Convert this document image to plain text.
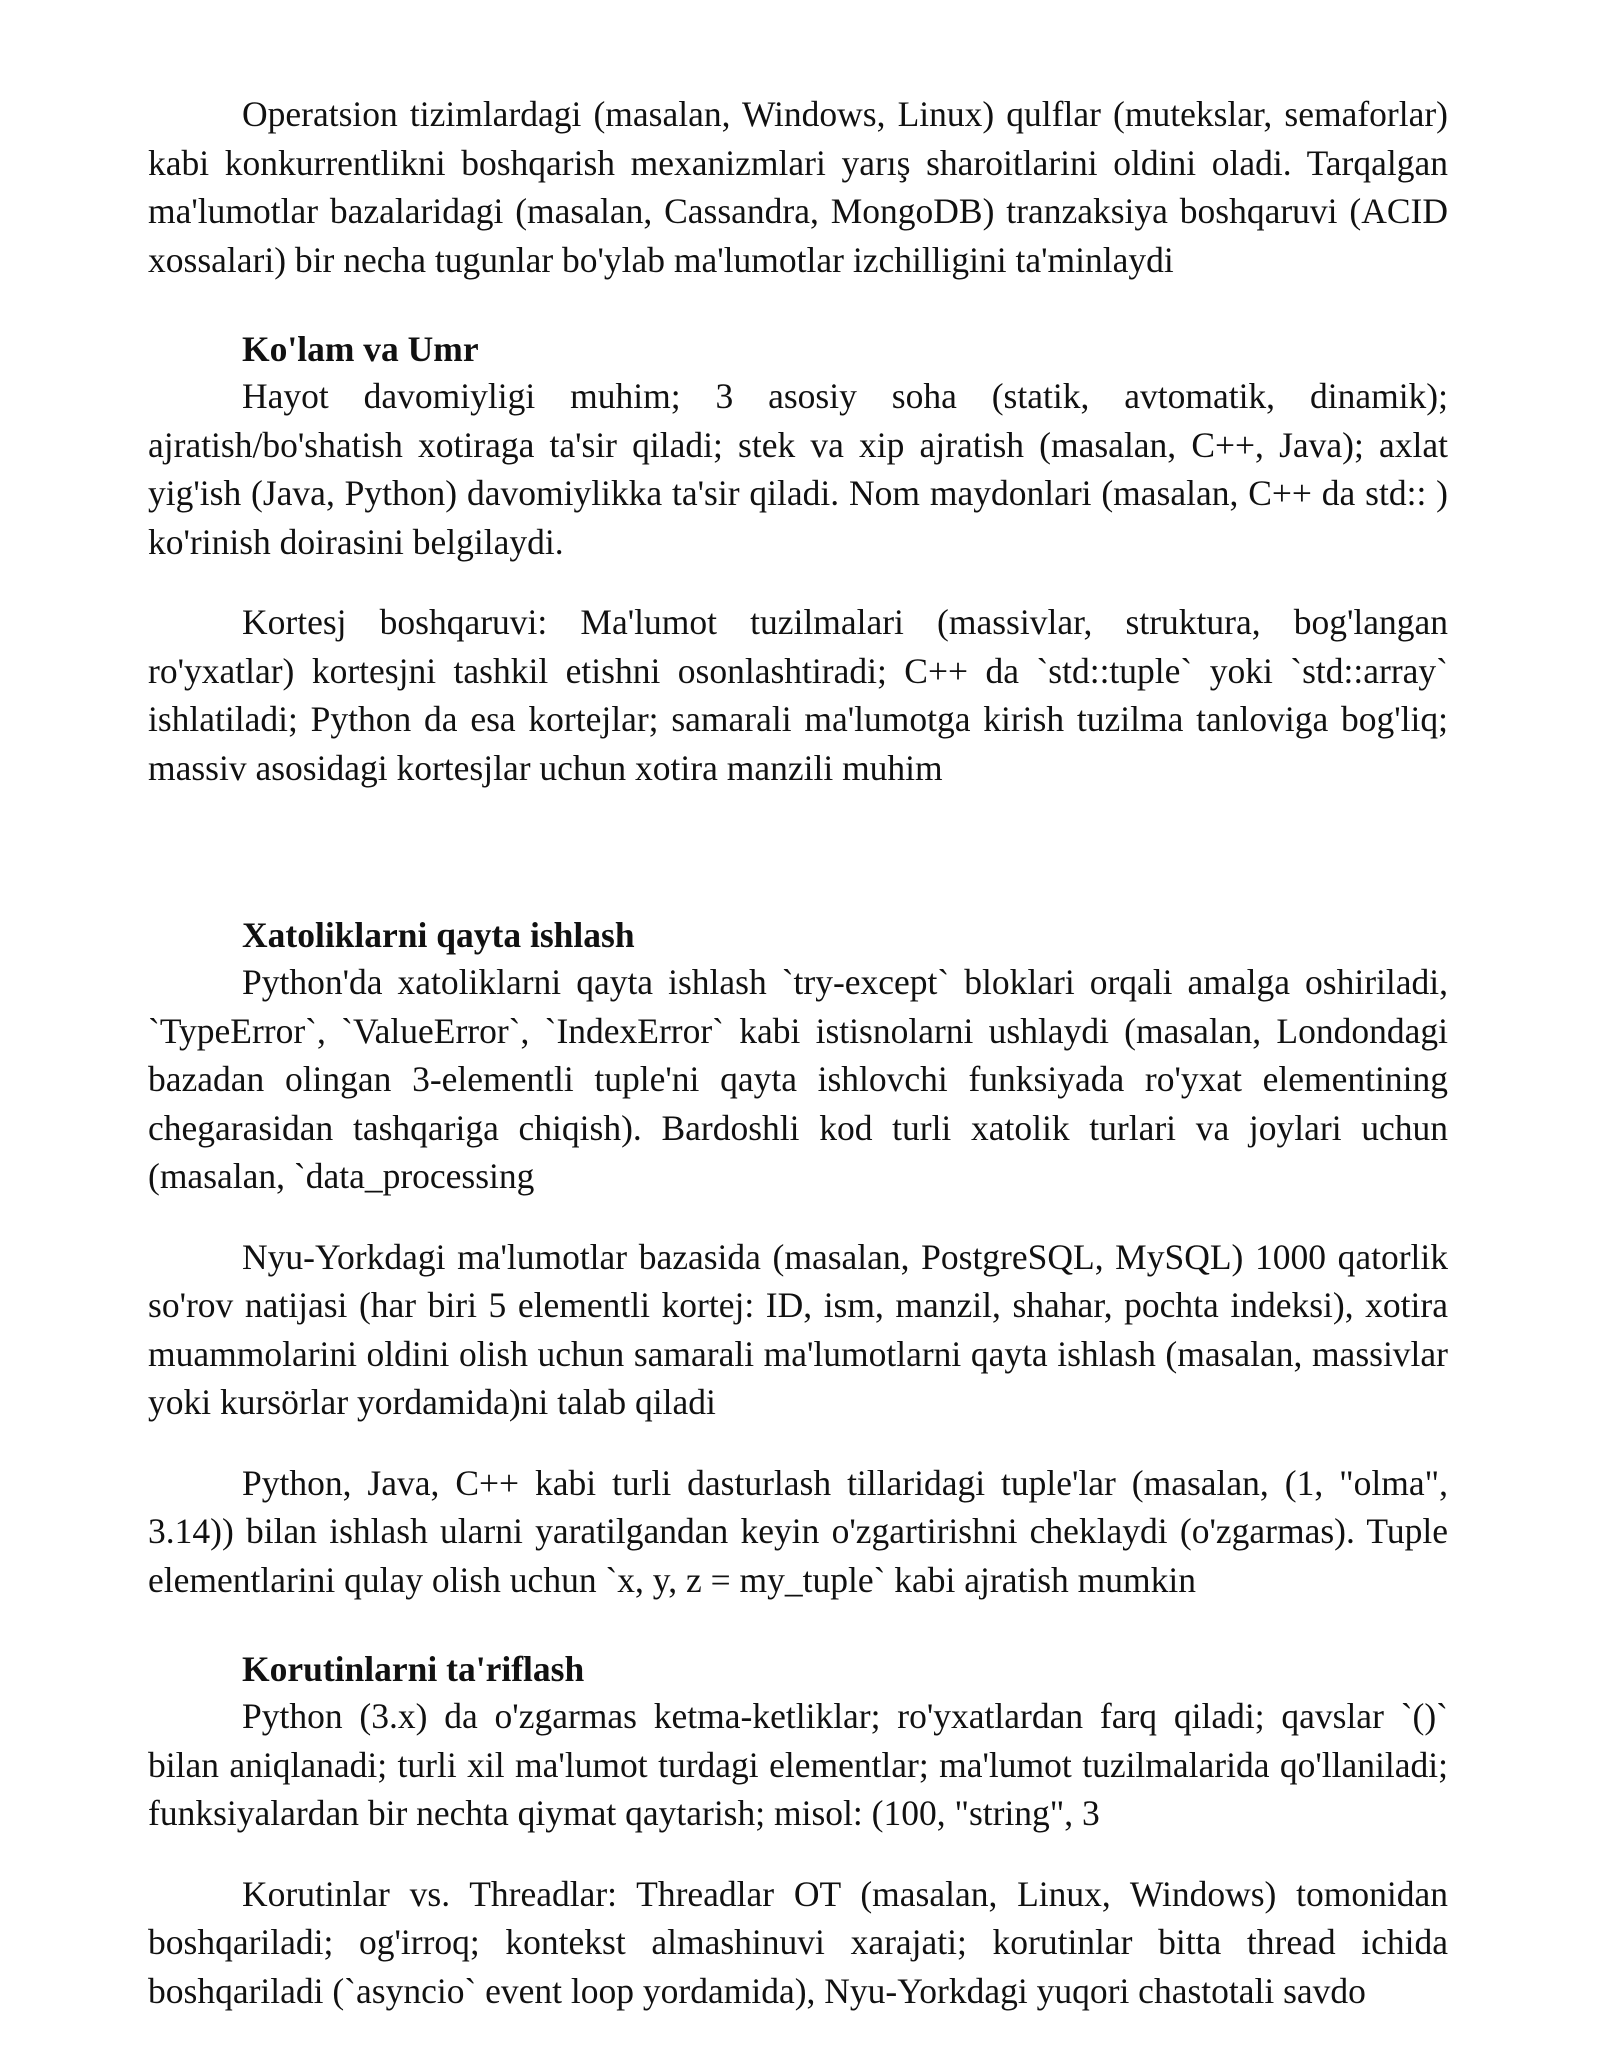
Operatsion tizimlardagi (masalan, Windows, Linux) qulflar (mutekslar, semaforlar) kabi konkurrentlikni boshqarish mexanizmlari yarış sharoitlarini oldini oladi. Tarqalgan ma'lumotlar bazalaridagi (masalan, Cassandra, MongoDB) tranzaksiya boshqaruvi (ACID xossalari) bir necha tugunlar bo'ylab ma'lumotlar izchilligini ta'minlaydi

Ko'lam va Umr

Hayot davomiyligi muhim; 3 asosiy soha (statik, avtomatik, dinamik); ajratish/bo'shatish xotiraga ta'sir qiladi; stek va xip ajratish (masalan, C++, Java); axlat yig'ish (Java, Python) davomiylikka ta'sir qiladi. Nom maydonlari (masalan, C++ da std:: ) ko'rinish doirasini belgilaydi.

Kortesj boshqaruvi: Ma'lumot tuzilmalari (massivlar, struktura, bog'langan ro'yxatlar) kortesjni tashkil etishni osonlashtiradi; C++ da `std::tuple` yoki `std::array` ishlatiladi; Python da esa kortejlar; samarali ma'lumotga kirish tuzilma tanloviga bog'liq; massiv asosidagi kortesjlar uchun xotira manzili muhim

Xatoliklarni qayta ishlash

Python'da xatoliklarni qayta ishlash `try-except` bloklari orqali amalga oshiriladi, `TypeError`, `ValueError`, `IndexError` kabi istisnolarni ushlaydi (masalan, Londondagi bazadan olingan 3-elementli tuple'ni qayta ishlovchi funksiyada ro'yxat elementining chegarasidan tashqariga chiqish). Bardoshli kod turli xatolik turlari va joylari uchun (masalan, `data_processing

Nyu-Yorkdagi ma'lumotlar bazasida (masalan, PostgreSQL, MySQL) 1000 qatorlik so'rov natijasi (har biri 5 elementli kortej: ID, ism, manzil, shahar, pochta indeksi), xotira muammolarini oldini olish uchun samarali ma'lumotlarni qayta ishlash (masalan, massivlar yoki kursörlar yordamida)ni talab qiladi

Python, Java, C++ kabi turli dasturlash tillaridagi tuple'lar (masalan, (1, "olma", 3.14)) bilan ishlash ularni yaratilgandan keyin o'zgartirishni cheklaydi (o'zgarmas). Tuple elementlarini qulay olish uchun `x, y, z = my_tuple` kabi ajratish mumkin

Korutinlarni ta'riflash

Python (3.x) da o'zgarmas ketma-ketliklar; ro'yxatlardan farq qiladi; qavslar `()` bilan aniqlanadi; turli xil ma'lumot turdagi elementlar; ma'lumot tuzilmalarida qo'llaniladi; funksiyalardan bir nechta qiymat qaytarish; misol: (100, "string", 3

Korutinlar vs. Threadlar: Threadlar OT (masalan, Linux, Windows) tomonidan boshqariladi; og'irroq; kontekst almashinuvi xarajati; korutinlar bitta thread ichida boshqariladi (`asyncio` event loop yordamida), Nyu-Yorkdagi yuqori chastotali savdo
